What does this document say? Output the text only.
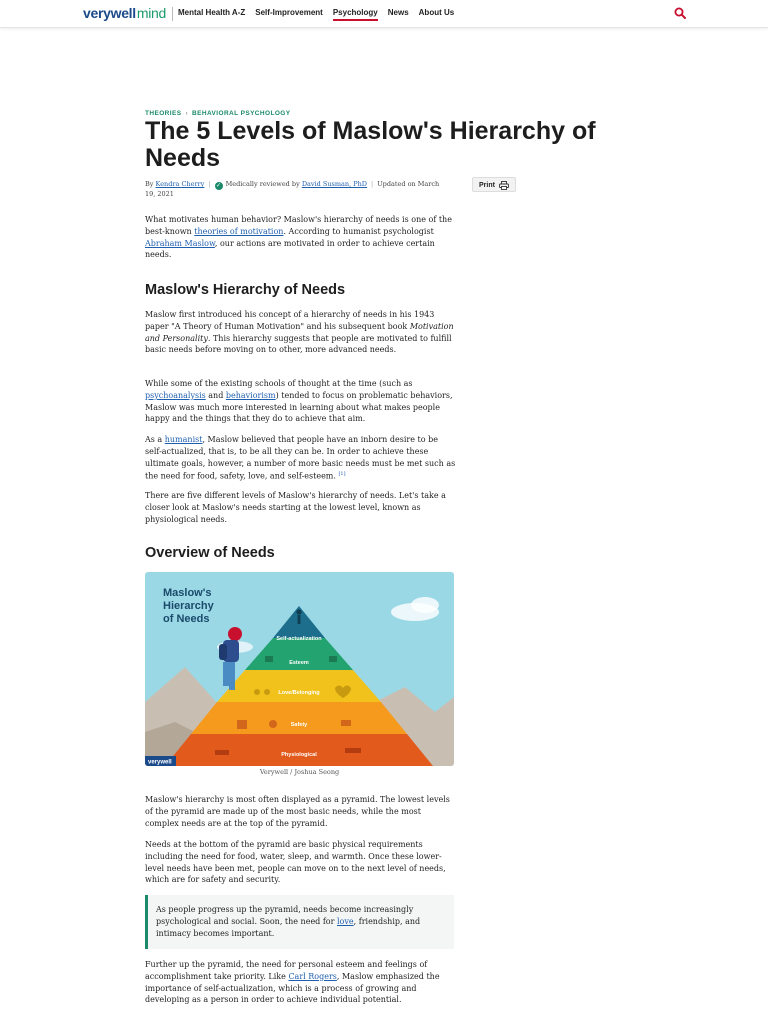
verywellmind Mental Health A-Z Self-Improvement Psychology News About Us
THEORIES › BEHAVIORAL PSYCHOLOGY
The 5 Levels of Maslow's Hierarchy of Needs
By Kendra Cherry | ✓ Medically reviewed by David Susman, PhD | Updated on March 19, 2021
Print

What motivates human behavior? Maslow's hierarchy of needs is one of the best-known theories of motivation. According to humanist psychologist Abraham Maslow, our actions are motivated in order to achieve certain needs.

Maslow's Hierarchy of Needs

Maslow first introduced his concept of a hierarchy of needs in his 1943 paper "A Theory of Human Motivation" and his subsequent book Motivation and Personality. This hierarchy suggests that people are motivated to fulfill basic needs before moving on to other, more advanced needs.

While some of the existing schools of thought at the time (such as psychoanalysis and behaviorism) tended to focus on problematic behaviors, Maslow was much more interested in learning about what makes people happy and the things that they do to achieve that aim.

As a humanist, Maslow believed that people have an inborn desire to be self-actualized, that is, to be all they can be. In order to achieve these ultimate goals, however, a number of more basic needs must be met such as the need for food, safety, love, and self-esteem. [1]

There are five different levels of Maslow's hierarchy of needs. Let's take a closer look at Maslow's needs starting at the lowest level, known as physiological needs.

Overview of Needs
Maslow's
Hierarchy
of Needs
Self-actualization
Esteem
Love/Belonging
Safety
Physiological
verywell
Verywell / Joshua Seong

Maslow's hierarchy is most often displayed as a pyramid. The lowest levels of the pyramid are made up of the most basic needs, while the most complex needs are at the top of the pyramid.

Needs at the bottom of the pyramid are basic physical requirements including the need for food, water, sleep, and warmth. Once these lower-level needs have been met, people can move on to the next level of needs, which are for safety and security.

As people progress up the pyramid, needs become increasingly psychological and social. Soon, the need for love, friendship, and intimacy becomes important.

Further up the pyramid, the need for personal esteem and feelings of accomplishment take priority. Like Carl Rogers, Maslow emphasized the importance of self-actualization, which is a process of growing and developing as a person in order to achieve individual potential.
